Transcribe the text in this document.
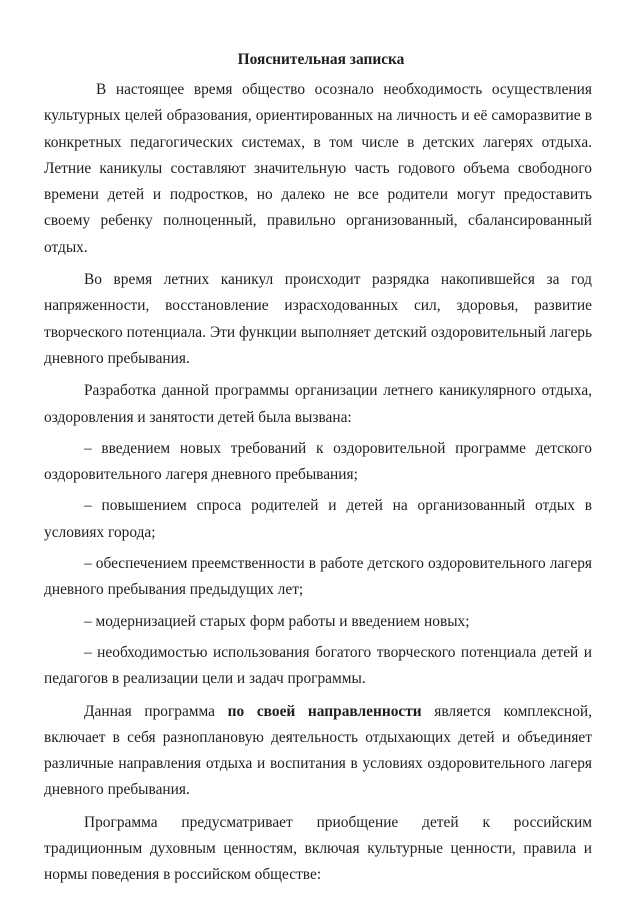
Пояснительная записка

В настоящее время общество осознало необходимость осуществления культурных целей образования, ориентированных на личность и её саморазвитие в конкретных педагогических системах, в том числе в детских лагерях отдыха. Летние каникулы составляют значительную часть годового объема свободного времени детей и подростков, но далеко не все родители могут предоставить своему ребенку полноценный, правильно организованный, сбалансированный отдых.

Во время летних каникул происходит разрядка накопившейся за год напряженности, восстановление израсходованных сил, здоровья, развитие творческого потенциала. Эти функции выполняет детский оздоровительный лагерь дневного пребывания.

Разработка данной программы организации летнего каникулярного отдыха, оздоровления и занятости детей была вызвана:

– введением новых требований к оздоровительной программе детского оздоровительного лагеря дневного пребывания;

– повышением спроса родителей и детей на организованный отдых в условиях города;

– обеспечением преемственности в работе детского оздоровительного лагеря дневного пребывания предыдущих лет;

– модернизацией старых форм работы и введением новых;

– необходимостью использования богатого творческого потенциала детей и педагогов в реализации цели и задач программы.

Данная программа по своей направленности является комплексной, включает в себя разноплановую деятельность отдыхающих детей и объединяет различные направления отдыха и воспитания в условиях оздоровительного лагеря дневного пребывания.

Программа предусматривает приобщение детей к российским традиционным духовным ценностям, включая культурные ценности, правила и нормы поведения в российском обществе:
